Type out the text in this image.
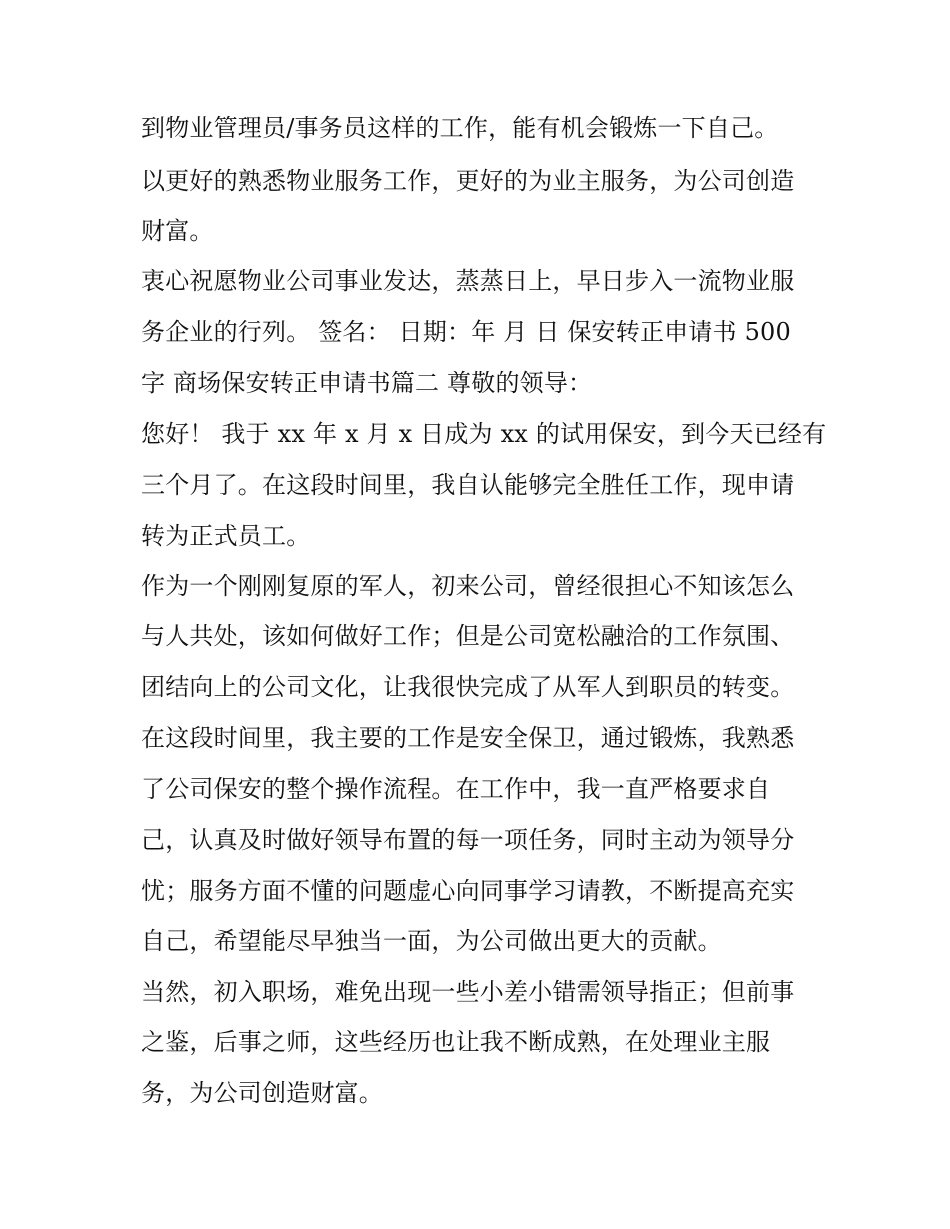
到物业管理员/事务员这样的工作，能有机会锻炼一下自己。
以更好的熟悉物业服务工作，更好的为业主服务，为公司创造
财富。
衷心祝愿物业公司事业发达，蒸蒸日上，早日步入一流物业服
务企业的行列。 签名： 日期：年 月 日 保安转正申请书 500
字 商场保安转正申请书篇二 尊敬的领导：
您好！ 我于 xx 年 x 月 x 日成为 xx 的试用保安，到今天已经有
三个月了。在这段时间里，我自认能够完全胜任工作，现申请
转为正式员工。
作为一个刚刚复原的军人，初来公司，曾经很担心不知该怎么
与人共处，该如何做好工作；但是公司宽松融洽的工作氛围、
团结向上的公司文化，让我很快完成了从军人到职员的转变。
在这段时间里，我主要的工作是安全保卫，通过锻炼，我熟悉
了公司保安的整个操作流程。在工作中，我一直严格要求自
己，认真及时做好领导布置的每一项任务，同时主动为领导分
忧；服务方面不懂的问题虚心向同事学习请教，不断提高充实
自己，希望能尽早独当一面，为公司做出更大的贡献。
当然，初入职场，难免出现一些小差小错需领导指正；但前事
之鉴，后事之师，这些经历也让我不断成熟，在处理业主服
务，为公司创造财富。
